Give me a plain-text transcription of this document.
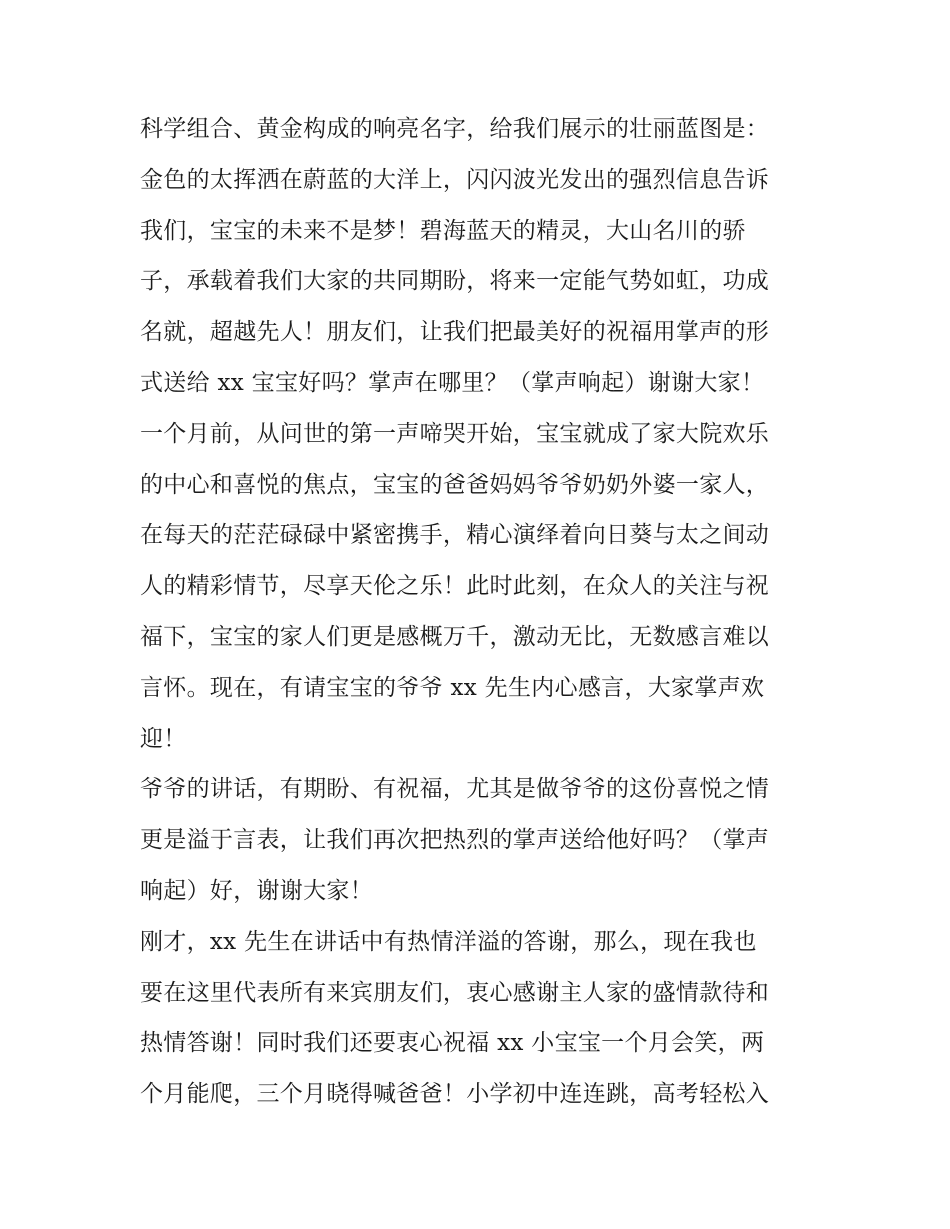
科学组合、黄金构成的响亮名字，给我们展示的壮丽蓝图是：
金色的太挥洒在蔚蓝的大洋上，闪闪波光发出的强烈信息告诉
我们，宝宝的未来不是梦！碧海蓝天的精灵，大山名川的骄
子，承载着我们大家的共同期盼，将来一定能气势如虹，功成
名就，超越先人！朋友们，让我们把最美好的祝福用掌声的形
式送给 xx 宝宝好吗？掌声在哪里？（掌声响起）谢谢大家！
一个月前，从问世的第一声啼哭开始，宝宝就成了家大院欢乐
的中心和喜悦的焦点，宝宝的爸爸妈妈爷爷奶奶外婆一家人，
在每天的茫茫碌碌中紧密携手，精心演绎着向日葵与太之间动
人的精彩情节，尽享天伦之乐！此时此刻，在众人的关注与祝
福下，宝宝的家人们更是感概万千，激动无比，无数感言难以
言怀。现在，有请宝宝的爷爷 xx 先生内心感言，大家掌声欢
迎！
爷爷的讲话，有期盼、有祝福，尤其是做爷爷的这份喜悦之情
更是溢于言表，让我们再次把热烈的掌声送给他好吗？（掌声
响起）好，谢谢大家！
刚才，xx 先生在讲话中有热情洋溢的答谢，那么，现在我也
要在这里代表所有来宾朋友们，衷心感谢主人家的盛情款待和
热情答谢！同时我们还要衷心祝福 xx 小宝宝一个月会笑，两
个月能爬，三个月晓得喊爸爸！小学初中连连跳，高考轻松入
